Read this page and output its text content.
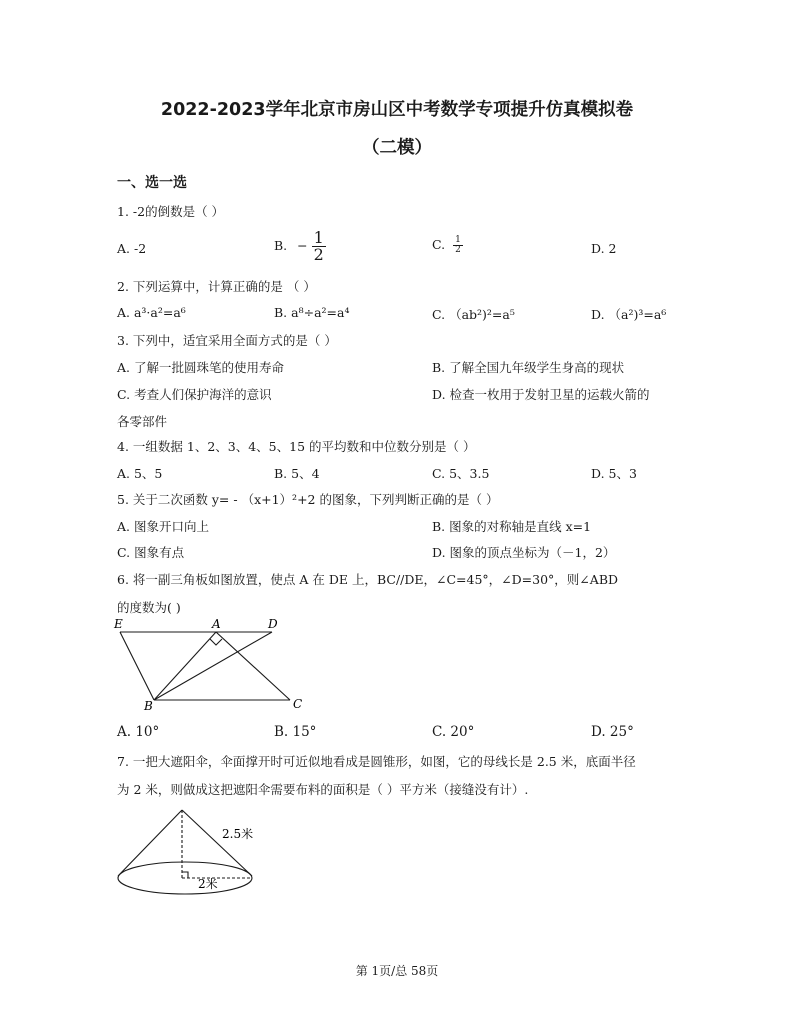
2022-2023学年北京市房山区中考数学专项提升仿真模拟卷
（二模）
一、选一选
1. -2的倒数是（ ）
A. -2	B. − $\frac{1}{2}$	C. $\frac{1}{2}$	D. 2
2. 下列运算中，计算正确的是 （ ）
A. a³·a²=a⁶	B. a⁸÷a²=a⁴	C. （ab²)²=a⁵	D. （a²)³=a⁶
3. 下列中，适宜采用全面方式的是（ ）
A. 了解一批圆珠笔的使用寿命	B. 了解全国九年级学生身高的现状
C. 考查人们保护海洋的意识	D. 检查一枚用于发射卫星的运载火箭的
各零部件
4. 一组数据 1、2、3、4、5、15 的平均数和中位数分别是（ ）
A. 5、5	B. 5、4	C. 5、3.5	D. 5、3
5. 关于二次函数 y= - （x+1）²+2 的图象，下列判断正确的是（ ）
A. 图象开口向上	B. 图象的对称轴是直线 x=1
C. 图象有点	D. 图象的顶点坐标为（－1，2）
6. 将一副三角板如图放置，使点 A 在 DE 上，BC//DE，∠C=45°，∠D=30°，则∠ABD
的度数为( )
E	A	D
B	C
A. 10°	B. 15°	C. 20°	D. 25°
7. 一把大遮阳伞，伞面撑开时可近似地看成是圆锥形，如图，它的母线长是 2.5 米，底面半径
为 2 米，则做成这把遮阳伞需要布料的面积是（ ）平方米（接缝没有计）.
2.5米
2米
第 1页/总 58页
